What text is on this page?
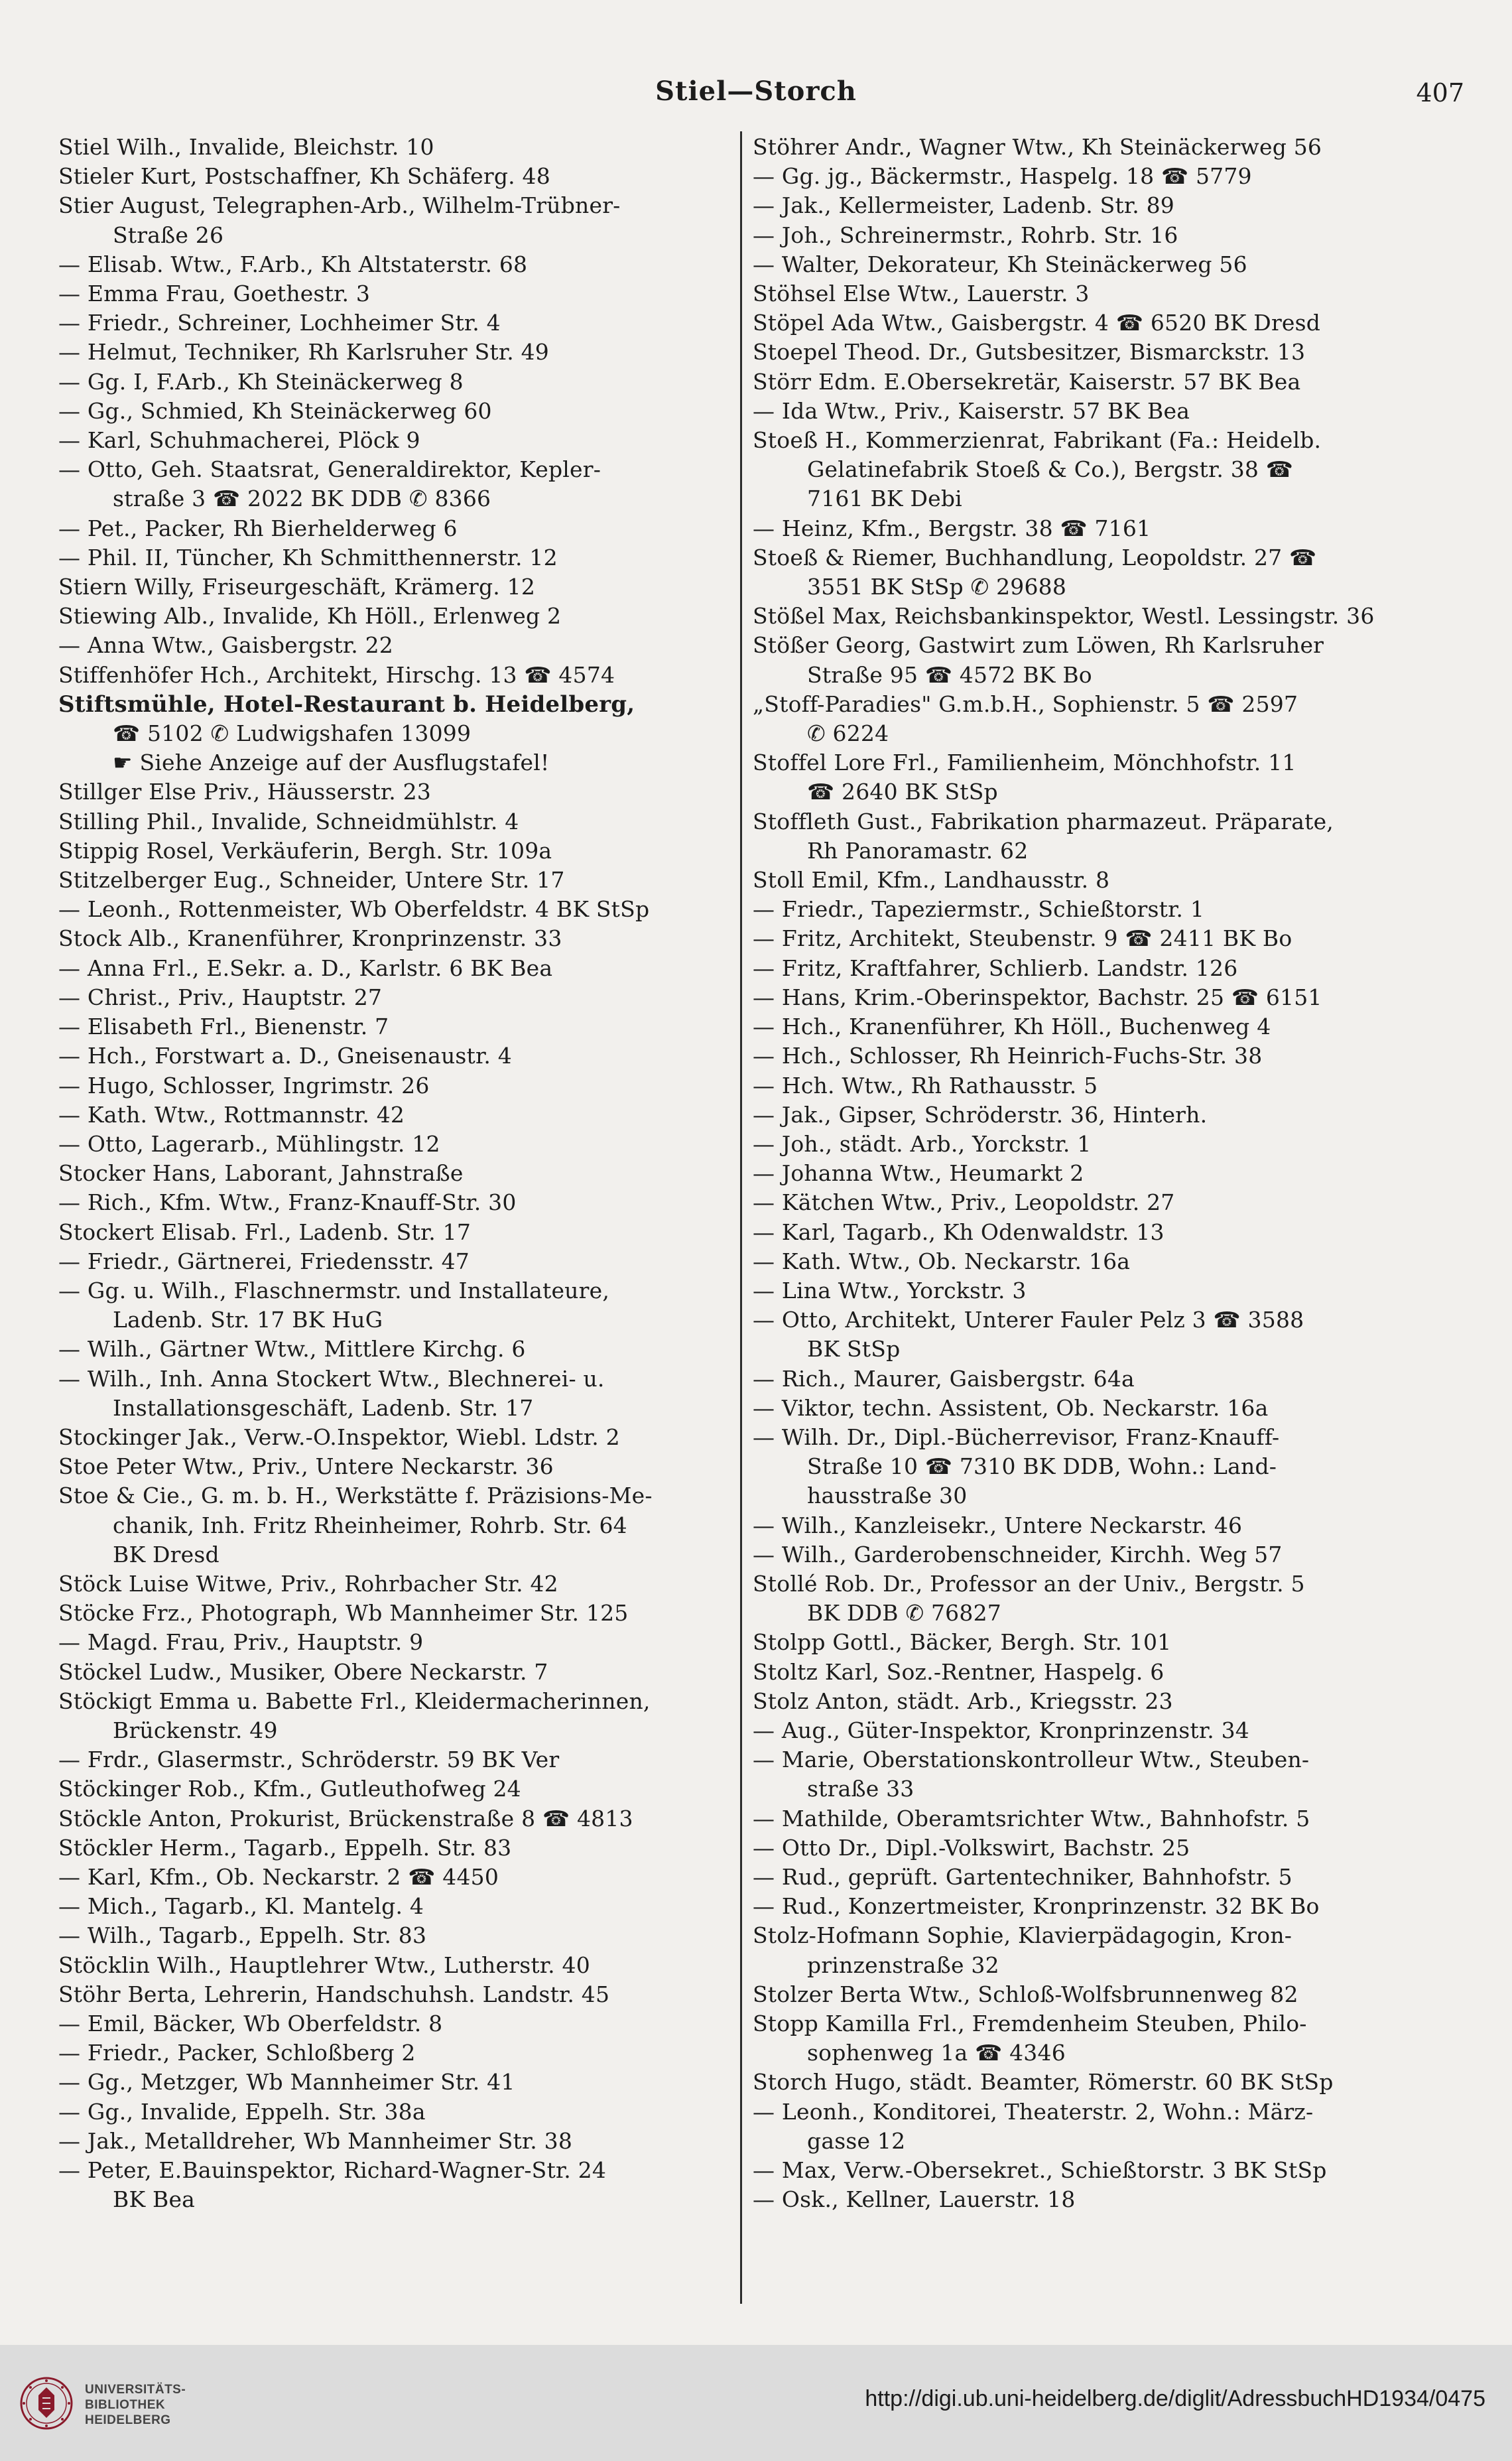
Stiel—Storch	407
Stiel Wilh., Invalide, Bleichstr. 10
Stieler Kurt, Postschaffner, Kh Schäferg. 48
Stier August, Telegraphen-Arb., Wilhelm-Trübner-
Straße 26
— Elisab. Wtw., F.Arb., Kh Altstaterstr. 68
— Emma Frau, Goethestr. 3
— Friedr., Schreiner, Lochheimer Str. 4
— Helmut, Techniker, Rh Karlsruher Str. 49
— Gg. I, F.Arb., Kh Steinäckerweg 8
— Gg., Schmied, Kh Steinäckerweg 60
— Karl, Schuhmacherei, Plöck 9
— Otto, Geh. Staatsrat, Generaldirektor, Kepler-
straße 3 ☎ 2022 BK DDB ✆ 8366
— Pet., Packer, Rh Bierhelderweg 6
— Phil. II, Tüncher, Kh Schmitthennerstr. 12
Stiern Willy, Friseurgeschäft, Krämerg. 12
Stiewing Alb., Invalide, Kh Höll., Erlenweg 2
— Anna Wtw., Gaisbergstr. 22
Stiffenhöfer Hch., Architekt, Hirschg. 13 ☎ 4574
Stiftsmühle, Hotel-Restaurant b. Heidelberg,
☎ 5102 ✆ Ludwigshafen 13099
☛ Siehe Anzeige auf der Ausflugstafel!
Stillger Else Priv., Häusserstr. 23
Stilling Phil., Invalide, Schneidmühlstr. 4
Stippig Rosel, Verkäuferin, Bergh. Str. 109a
Stitzelberger Eug., Schneider, Untere Str. 17
— Leonh., Rottenmeister, Wb Oberfeldstr. 4 BK StSp
Stock Alb., Kranenführer, Kronprinzenstr. 33
— Anna Frl., E.Sekr. a. D., Karlstr. 6 BK Bea
— Christ., Priv., Hauptstr. 27
— Elisabeth Frl., Bienenstr. 7
— Hch., Forstwart a. D., Gneisenaustr. 4
— Hugo, Schlosser, Ingrimstr. 26
— Kath. Wtw., Rottmannstr. 42
— Otto, Lagerarb., Mühlingstr. 12
Stocker Hans, Laborant, Jahnstraße
— Rich., Kfm. Wtw., Franz-Knauff-Str. 30
Stockert Elisab. Frl., Ladenb. Str. 17
— Friedr., Gärtnerei, Friedensstr. 47
— Gg. u. Wilh., Flaschnermstr. und Installateure,
Ladenb. Str. 17 BK HuG
— Wilh., Gärtner Wtw., Mittlere Kirchg. 6
— Wilh., Inh. Anna Stockert Wtw., Blechnerei- u.
Installationsgeschäft, Ladenb. Str. 17
Stockinger Jak., Verw.-O.Inspektor, Wiebl. Ldstr. 2
Stoe Peter Wtw., Priv., Untere Neckarstr. 36
Stoe & Cie., G. m. b. H., Werkstätte f. Präzisions-Me-
chanik, Inh. Fritz Rheinheimer, Rohrb. Str. 64
BK Dresd
Stöck Luise Witwe, Priv., Rohrbacher Str. 42
Stöcke Frz., Photograph, Wb Mannheimer Str. 125
— Magd. Frau, Priv., Hauptstr. 9
Stöckel Ludw., Musiker, Obere Neckarstr. 7
Stöckigt Emma u. Babette Frl., Kleidermacherinnen,
Brückenstr. 49
— Frdr., Glasermstr., Schröderstr. 59 BK Ver
Stöckinger Rob., Kfm., Gutleuthofweg 24
Stöckle Anton, Prokurist, Brückenstraße 8 ☎ 4813
Stöckler Herm., Tagarb., Eppelh. Str. 83
— Karl, Kfm., Ob. Neckarstr. 2 ☎ 4450
— Mich., Tagarb., Kl. Mantelg. 4
— Wilh., Tagarb., Eppelh. Str. 83
Stöcklin Wilh., Hauptlehrer Wtw., Lutherstr. 40
Stöhr Berta, Lehrerin, Handschuhsh. Landstr. 45
— Emil, Bäcker, Wb Oberfeldstr. 8
— Friedr., Packer, Schloßberg 2
— Gg., Metzger, Wb Mannheimer Str. 41
— Gg., Invalide, Eppelh. Str. 38a
— Jak., Metalldreher, Wb Mannheimer Str. 38
— Peter, E.Bauinspektor, Richard-Wagner-Str. 24
BK Bea
Stöhrer Andr., Wagner Wtw., Kh Steinäckerweg 56
— Gg. jg., Bäckermstr., Haspelg. 18 ☎ 5779
— Jak., Kellermeister, Ladenb. Str. 89
— Joh., Schreinermstr., Rohrb. Str. 16
— Walter, Dekorateur, Kh Steinäckerweg 56
Stöhsel Else Wtw., Lauerstr. 3
Stöpel Ada Wtw., Gaisbergstr. 4 ☎ 6520 BK Dresd
Stoepel Theod. Dr., Gutsbesitzer, Bismarckstr. 13
Störr Edm. E.Obersekretär, Kaiserstr. 57 BK Bea
— Ida Wtw., Priv., Kaiserstr. 57 BK Bea
Stoeß H., Kommerzienrat, Fabrikant (Fa.: Heidelb.
Gelatinefabrik Stoeß & Co.), Bergstr. 38 ☎
7161 BK Debi
— Heinz, Kfm., Bergstr. 38 ☎ 7161
Stoeß & Riemer, Buchhandlung, Leopoldstr. 27 ☎
3551 BK StSp ✆ 29688
Stößel Max, Reichsbankinspektor, Westl. Lessingstr. 36
Stößer Georg, Gastwirt zum Löwen, Rh Karlsruher
Straße 95 ☎ 4572 BK Bo
„Stoff-Paradies" G.m.b.H., Sophienstr. 5 ☎ 2597
✆ 6224
Stoffel Lore Frl., Familienheim, Mönchhofstr. 11
☎ 2640 BK StSp
Stoffleth Gust., Fabrikation pharmazeut. Präparate,
Rh Panoramastr. 62
Stoll Emil, Kfm., Landhausstr. 8
— Friedr., Tapeziermstr., Schießtorstr. 1
— Fritz, Architekt, Steubenstr. 9 ☎ 2411 BK Bo
— Fritz, Kraftfahrer, Schlierb. Landstr. 126
— Hans, Krim.-Oberinspektor, Bachstr. 25 ☎ 6151
— Hch., Kranenführer, Kh Höll., Buchenweg 4
— Hch., Schlosser, Rh Heinrich-Fuchs-Str. 38
— Hch. Wtw., Rh Rathausstr. 5
— Jak., Gipser, Schröderstr. 36, Hinterh.
— Joh., städt. Arb., Yorckstr. 1
— Johanna Wtw., Heumarkt 2
— Kätchen Wtw., Priv., Leopoldstr. 27
— Karl, Tagarb., Kh Odenwaldstr. 13
— Kath. Wtw., Ob. Neckarstr. 16a
— Lina Wtw., Yorckstr. 3
— Otto, Architekt, Unterer Fauler Pelz 3 ☎ 3588
BK StSp
— Rich., Maurer, Gaisbergstr. 64a
— Viktor, techn. Assistent, Ob. Neckarstr. 16a
— Wilh. Dr., Dipl.-Bücherrevisor, Franz-Knauff-
Straße 10 ☎ 7310 BK DDB, Wohn.: Land-
hausstraße 30
— Wilh., Kanzleisekr., Untere Neckarstr. 46
— Wilh., Garderobenschneider, Kirchh. Weg 57
Stollé Rob. Dr., Professor an der Univ., Bergstr. 5
BK DDB ✆ 76827
Stolpp Gottl., Bäcker, Bergh. Str. 101
Stoltz Karl, Soz.-Rentner, Haspelg. 6
Stolz Anton, städt. Arb., Kriegsstr. 23
— Aug., Güter-Inspektor, Kronprinzenstr. 34
— Marie, Oberstationskontrolleur Wtw., Steuben-
straße 33
— Mathilde, Oberamtsrichter Wtw., Bahnhofstr. 5
— Otto Dr., Dipl.-Volkswirt, Bachstr. 25
— Rud., geprüft. Gartentechniker, Bahnhofstr. 5
— Rud., Konzertmeister, Kronprinzenstr. 32 BK Bo
Stolz-Hofmann Sophie, Klavierpädagogin, Kron-
prinzenstraße 32
Stolzer Berta Wtw., Schloß-Wolfsbrunnenweg 82
Stopp Kamilla Frl., Fremdenheim Steuben, Philo-
sophenweg 1a ☎ 4346
Storch Hugo, städt. Beamter, Römerstr. 60 BK StSp
— Leonh., Konditorei, Theaterstr. 2, Wohn.: März-
gasse 12
— Max, Verw.-Obersekret., Schießtorstr. 3 BK StSp
— Osk., Kellner, Lauerstr. 18
UNIVERSITÄTS-
BIBLIOTHEK
HEIDELBERG
http://digi.ub.uni-heidelberg.de/diglit/AdressbuchHD1934/0475
